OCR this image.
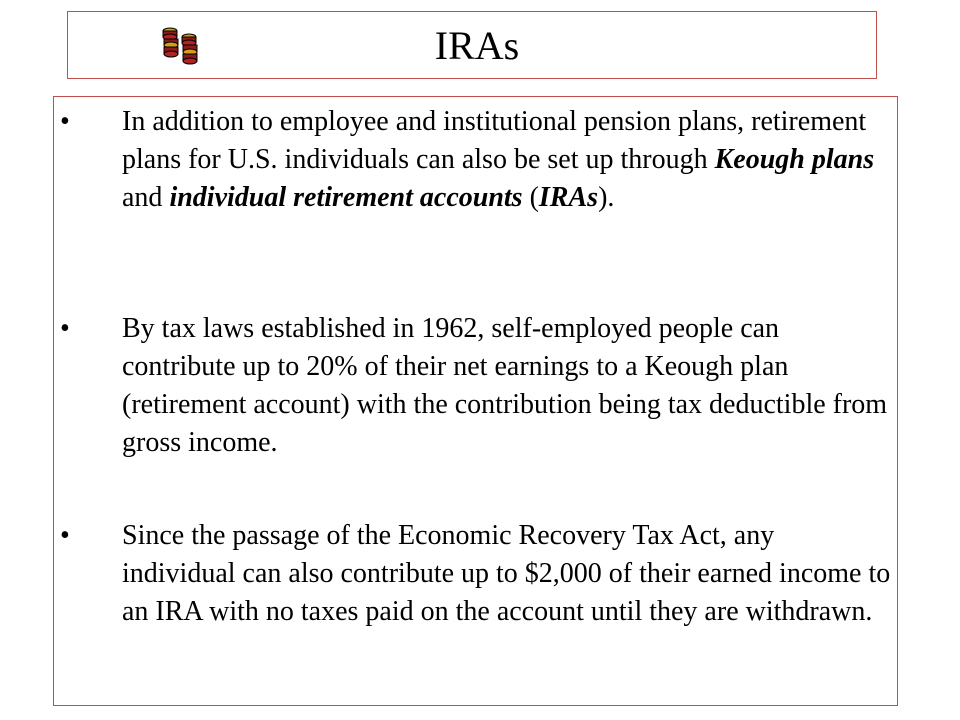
IRAs
• In addition to employee and institutional pension plans, retirement plans for U.S. individuals can also be set up through Keough plans and individual retirement accounts (IRAs).
• By tax laws established in 1962, self-employed people can contribute up to 20% of their net earnings to a Keough plan (retirement account) with the contribution being tax deductible from gross income.
• Since the passage of the Economic Recovery Tax Act, any individual can also contribute up to $2,000 of their earned income to an IRA with no taxes paid on the account until they are withdrawn.
